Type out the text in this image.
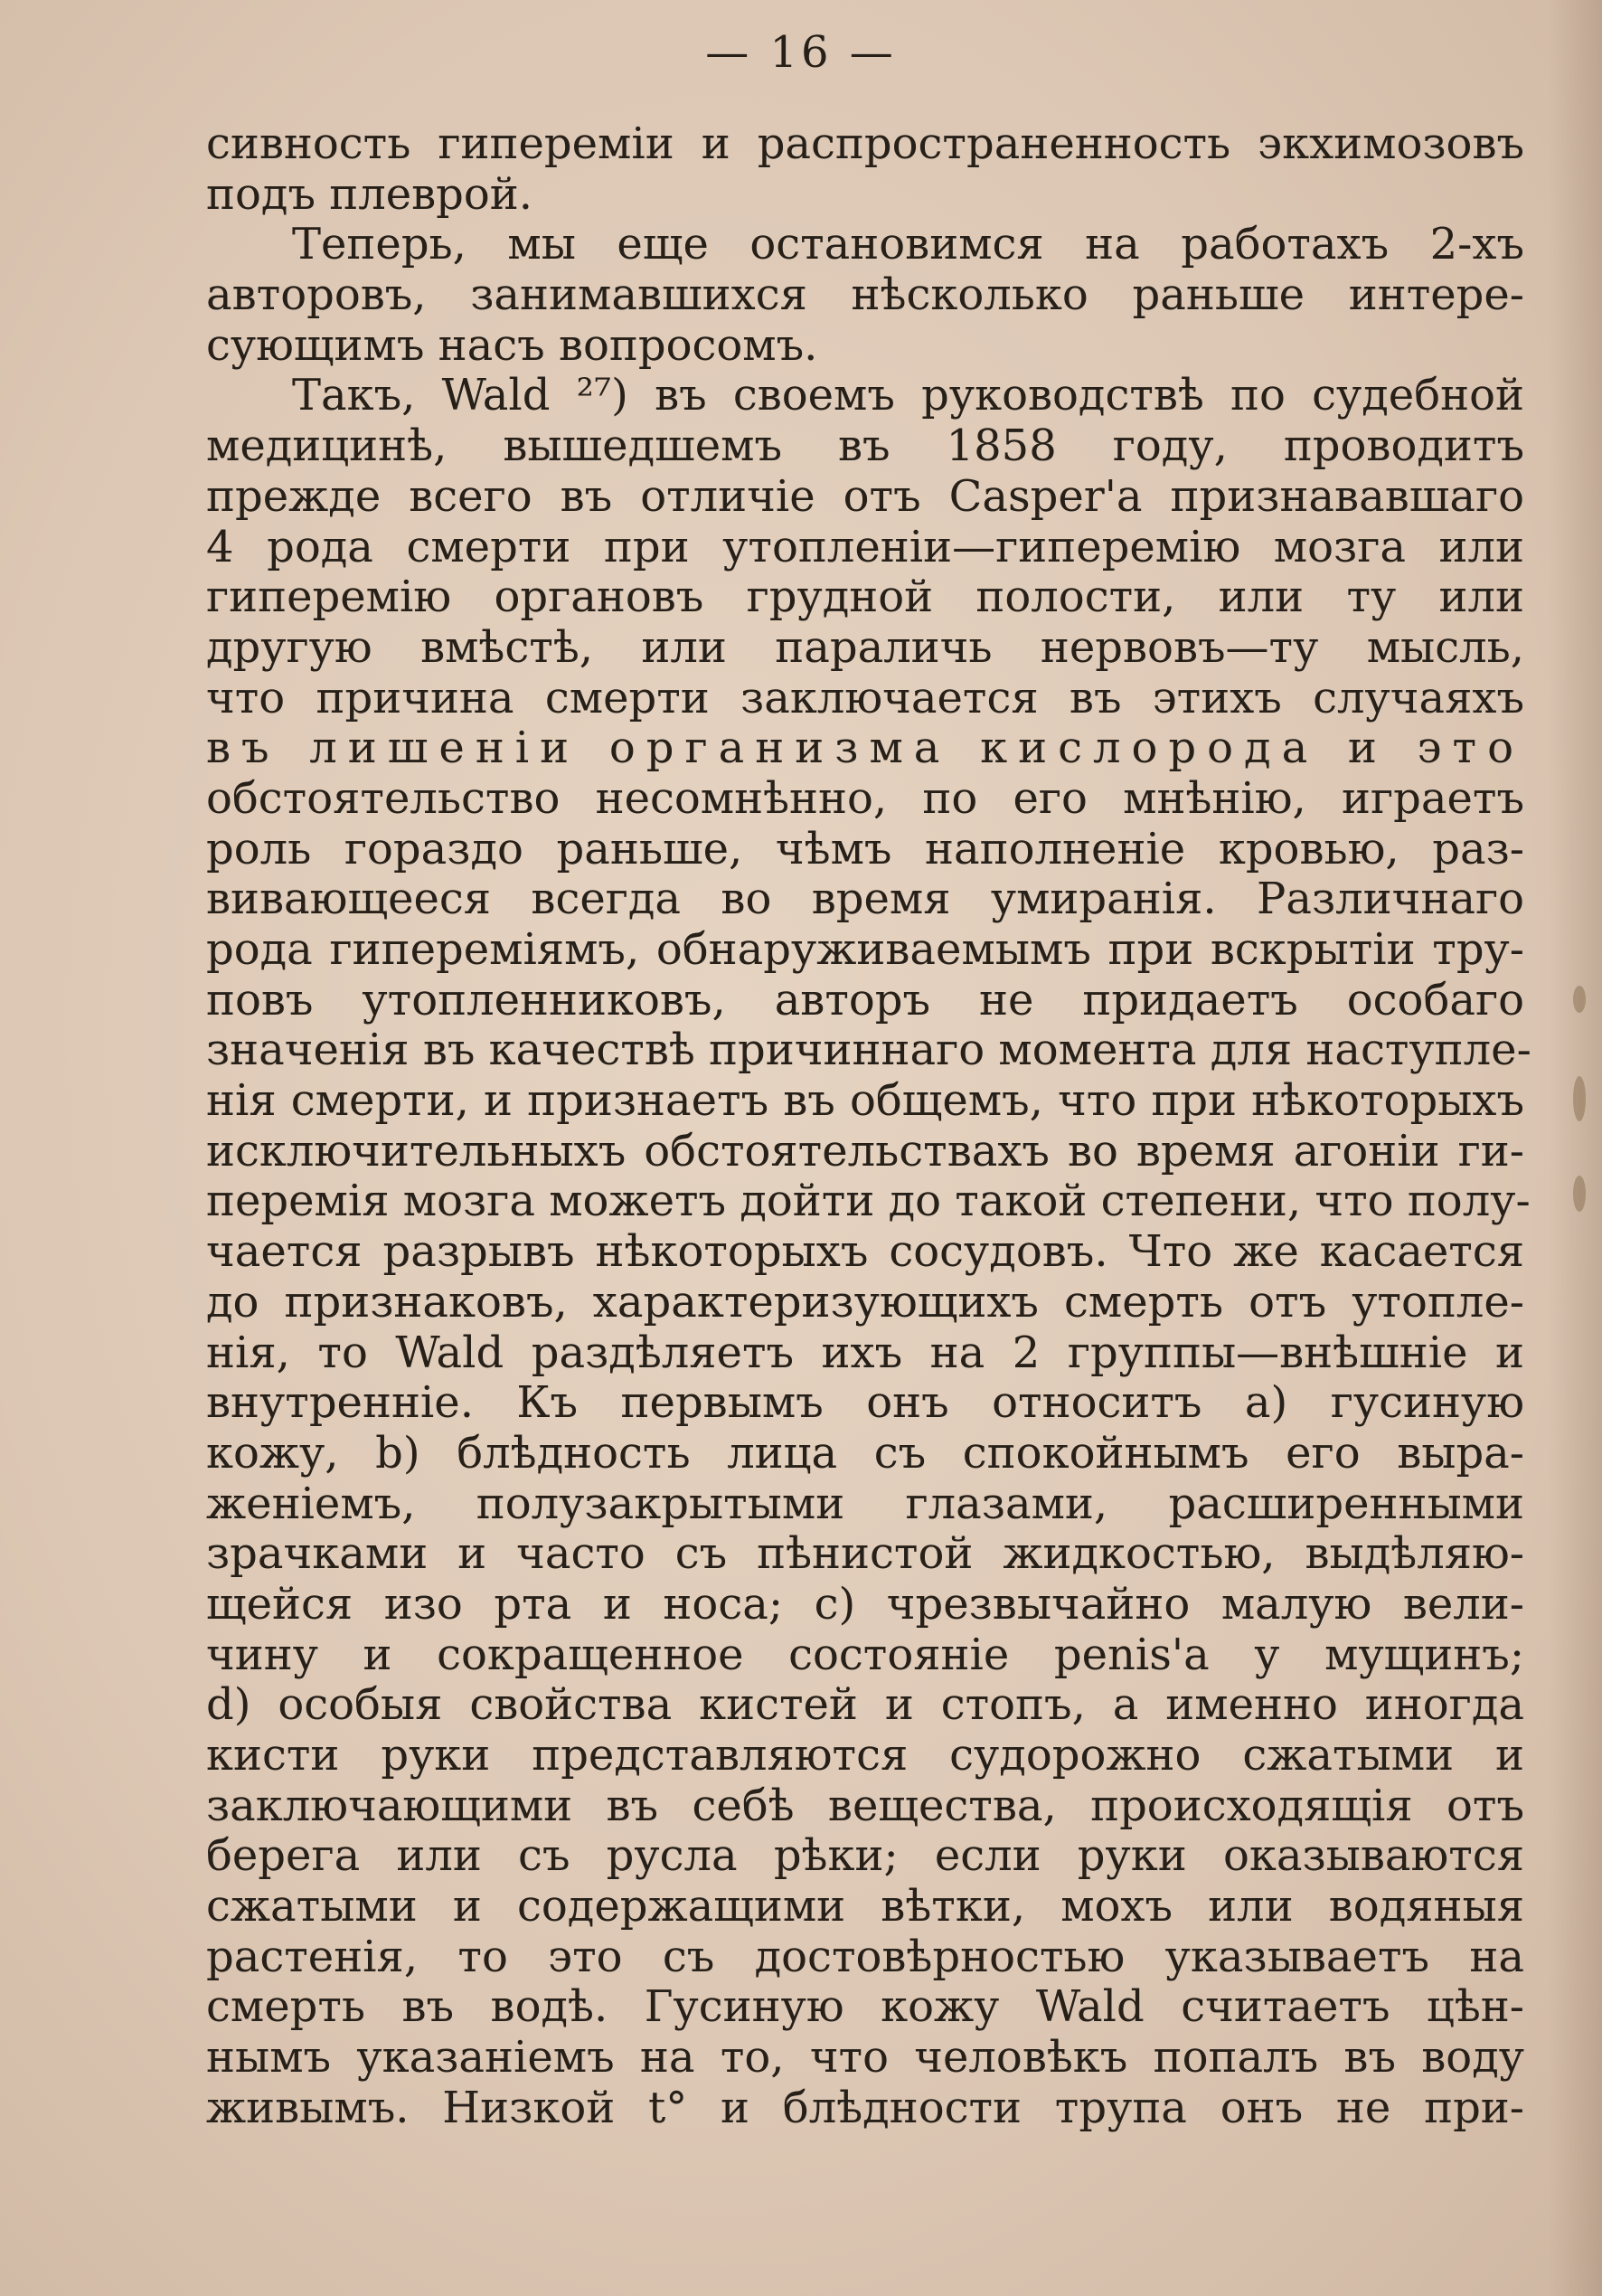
— 16 —
сивность гипереміи и распространенность экхимозовъ
подъ плеврой.
Теперь, мы еще остановимся на работахъ 2-хъ
авторовъ, занимавшихся нѣсколько раньше интере-
сующимъ насъ вопросомъ.
Такъ, Wald ²⁷) въ своемъ руководствѣ по судебной
медицинѣ, вышедшемъ въ 1858 году, проводитъ
прежде всего въ отличіе отъ Casper'а признававшаго
4 рода смерти при утопленіи—гиперемію мозга или
гиперемію органовъ грудной полости, или ту или
другую вмѣстѣ, или параличь нервовъ—ту мысль,
что причина смерти заключается въ этихъ случаяхъ
въ лишеніи организма кислорода и это
обстоятельство несомнѣнно, по его мнѣнію, играетъ
роль гораздо раньше, чѣмъ наполненіе кровью, раз-
вивающееся всегда во время умиранія. Различнаго
рода гипереміямъ, обнаруживаемымъ при вскрытіи тру-
повъ утопленниковъ, авторъ не придаетъ особаго
значенія въ качествѣ причиннаго момента для наступле-
нія смерти, и признаетъ въ общемъ, что при нѣкоторыхъ
исключительныхъ обстоятельствахъ во время агоніи ги-
перемія мозга можетъ дойти до такой степени, что полу-
чается разрывъ нѣкоторыхъ сосудовъ. Что же касается
до признаковъ, характеризующихъ смерть отъ утопле-
нія, то Wald раздѣляетъ ихъ на 2 группы—внѣшніе и
внутренніе. Къ первымъ онъ относитъ a) гусиную
кожу, b) блѣдность лица съ спокойнымъ его выра-
женіемъ, полузакрытыми глазами, расширенными
зрачками и часто съ пѣнистой жидкостью, выдѣляю-
щейся изо рта и носа; c) чрезвычайно малую вели-
чину и сокращенное состояніе penis'а у мущинъ;
d) особыя свойства кистей и стопъ, а именно иногда
кисти руки представляются судорожно сжатыми и
заключающими въ себѣ вещества, происходящія отъ
берега или съ русла рѣки; если руки оказываются
сжатыми и содержащими вѣтки, мохъ или водяныя
растенія, то это съ достовѣрностью указываетъ на
смерть въ водѣ. Гусиную кожу Wald считаетъ цѣн-
нымъ указаніемъ на то, что человѣкъ попалъ въ воду
живымъ. Низкой t° и блѣдности трупа онъ не при-
